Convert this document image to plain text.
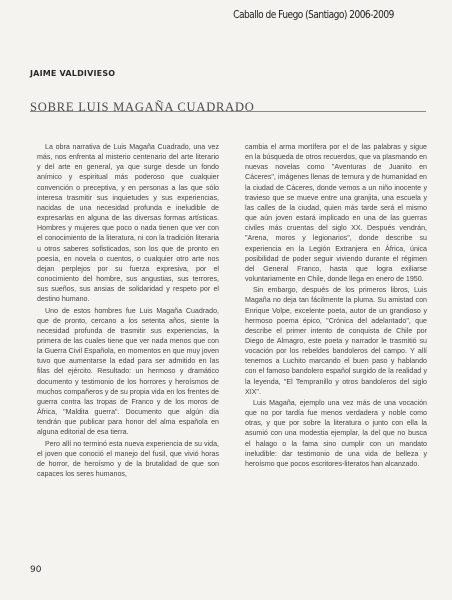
Caballo de Fuego (Santiago) 2006-2009
JAIME VALDIVIESO
SOBRE LUIS MAGAÑA CUADRADO

La obra narrativa de Luis Magaña Cuadrado, una vez más, nos enfrenta al misterio centenario del arte literario y del arte en general, ya que surge desde un fondo anímico y espiritual más poderoso que cualquier convención o preceptiva, y en personas a las que sólo interesa trasmitir sus inquietudes y sus experiencias, nacidas de una necesidad profunda e ineludible de expresarlas en alguna de las diversas formas artísticas. Hombres y mujeres que poco o nada tienen que ver con el conocimiento de la literatura, ni con la tradición literaria u otros saberes sofisticados, son los que de pronto en poesía, en novela o cuentos, o cualquier otro arte nos dejan perplejos por su fuerza expresiva, por el conocimiento del hombre, sus angustias, sus terrores, sus sueños, sus ansias de solidaridad y respeto por el destino humano.

Uno de estos hombres fue Luis Magaña Cuadrado, que de pronto, cercano a los setenta años, siente la necesidad profunda de trasmitir sus experiencias, la primera de las cuales tiene que ver nada menos que con la Guerra Civil Española, en momentos en que muy joven tuvo que aumentarse la edad para ser admitido en las filas del ejército. Resultado: un hermoso y dramático documento y testimonio de los horrores y heroísmos de muchos compañeros y de su propia vida en los frentes de guerra contra las tropas de Franco y de los moros de África, "Maldita guerra". Documento que algún día tendrán que publicar para honor del alma española en alguna editorial de esa tierra.

Pero allí no terminó esta nueva experiencia de su vida, el joven que conoció el manejo del fusil, que vivió horas de horror, de heroísmo y de la brutalidad de que son capaces los seres humanos,

cambia el arma mortífera por el de las palabras y sigue en la búsqueda de otros recuerdos, que va plasmando en nuevas novelas como "Aventuras de Juanito en Cáceres", imágenes llenas de ternura y de humanidad en la ciudad de Cáceres, donde vemos a un niño inocente y travieso que se mueve entre una granjita, una escuela y las calles de la ciudad, quien más tarde será el mismo que aún joven estará implicado en una de las guerras civiles más cruentas del siglo XX. Después vendrán, "Arena, moros y legionarios", donde describe su experiencia en la Legión Extranjera en África, única posibilidad de poder seguir viviendo durante el régimen del General Franco, hasta que logra exiliarse voluntariamente en Chile, donde llega en enero de 1950.

Sin embargo, después de los primeros libros, Luis Magaña no deja tan fácilmente la pluma. Su amistad con Enrique Volpe, excelente poeta, autor de un grandioso y hermoso poema épico, "Crónica del adelantado", que describe el primer intento de conquista de Chile por Diego de Almagro, este poeta y narrador le trasmitió su vocación por los rebeldes bandoleros del campo. Y allí tenemos a Luchito marcando el buen paso y hablando con el famoso bandolero español surgido de la realidad y la leyenda, "El Tempranillo y otros bandoleros del siglo XIX".

Luis Magaña, ejemplo una vez más de una vocación que no por tardía fue menos verdadera y noble como otras, y que por sobre la literatura o junto con ella la asumió con una modestia ejemplar, la del que no busca el halago o la fama sino cumplir con un mandato ineludible: dar testimonio de una vida de belleza y heroísmo que pocos escritores-literatos han alcanzado.

90
